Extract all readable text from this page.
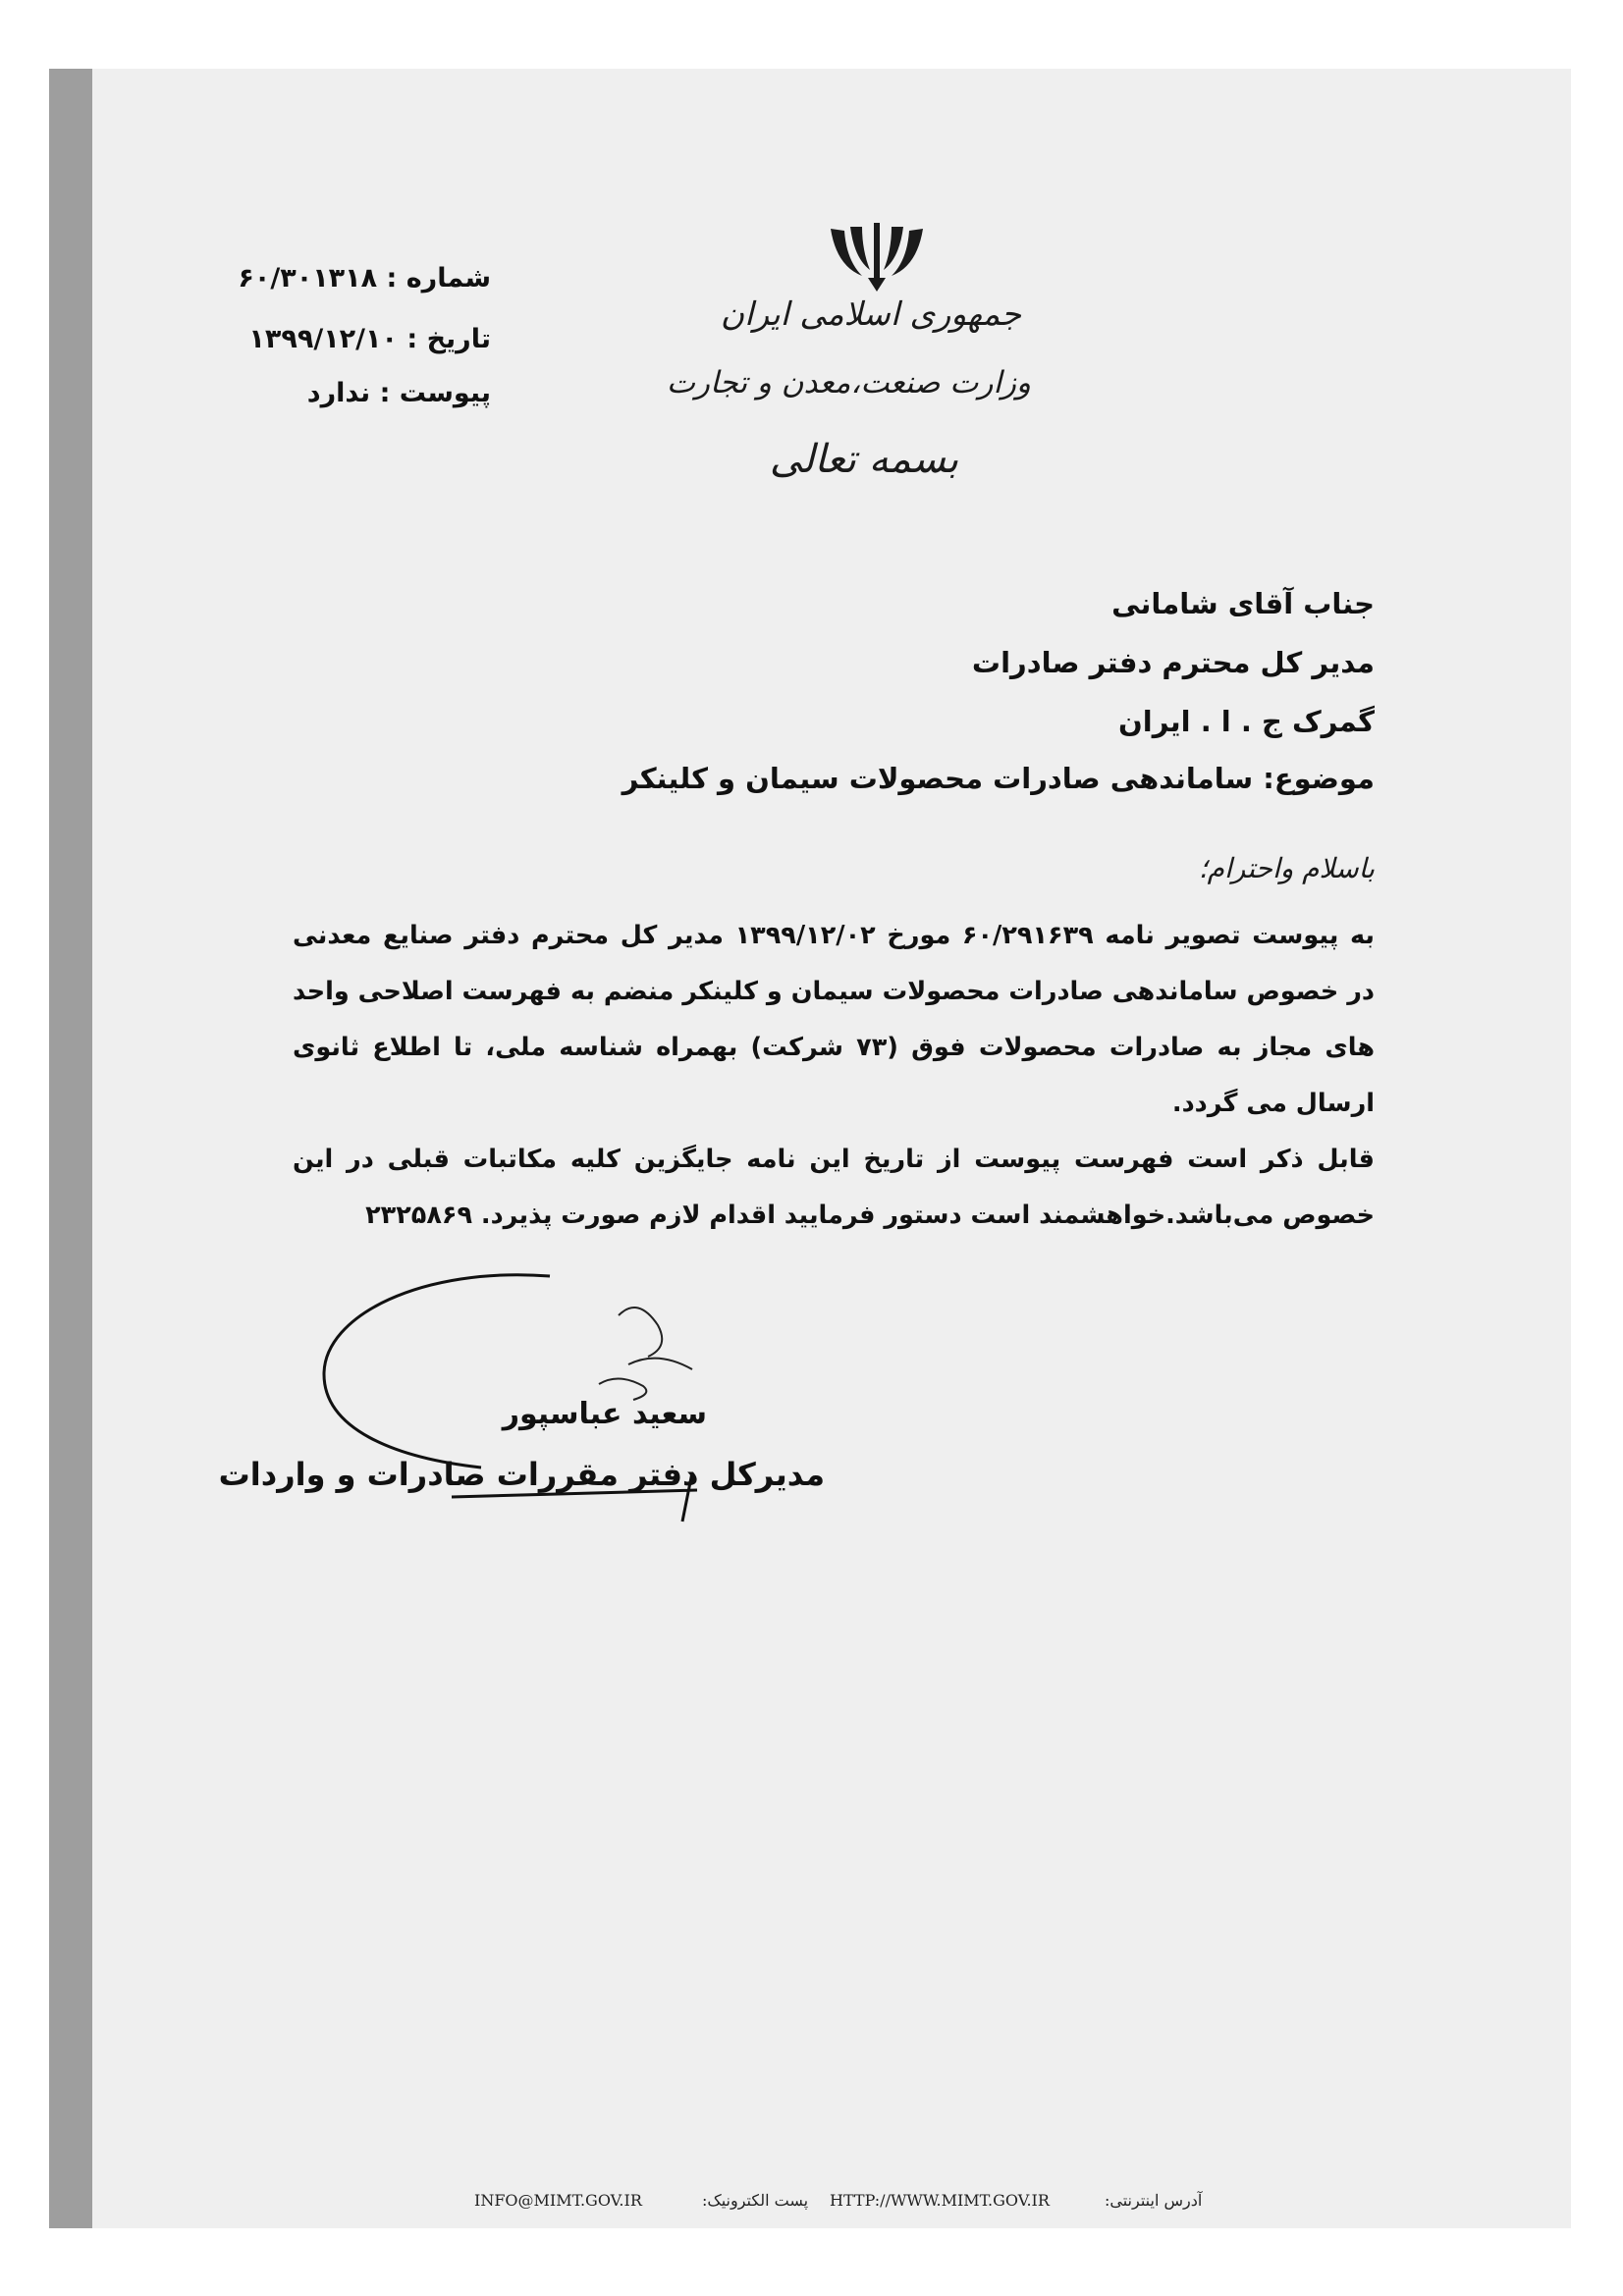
جمهوری اسلامی ایران
وزارت صنعت،معدن و تجارت
بسمه تعالی
شماره : ۶۰/۳۰۱۳۱۸
تاریخ : ۱۳۹۹/۱۲/۱۰
پیوست : ندارد
جناب آقای شامانی
مدیر کل محترم دفتر صادرات
گمرک ج . ا . ایران
موضوع: ساماندهی صادرات محصولات سیمان و کلینکر
باسلام واحترام؛

به پیوست تصویر نامه ۶۰/۲۹۱۶۳۹ مورخ ۱۳۹۹/۱۲/۰۲ مدیر کل محترم دفتر صنایع معدنی در خصوص ساماندهی صادرات محصولات سیمان و کلینکر منضم به فهرست اصلاحی واحد های مجاز به صادرات محصولات فوق (۷۳ شرکت) بهمراه شناسه ملی، تا اطلاع ثانوی ارسال می گردد.

قابل ذکر است فهرست پیوست از تاریخ این نامه جایگزین کلیه مکاتبات قبلی در این خصوص می‌باشد.خواهشمند است دستور فرمایید اقدام لازم صورت پذیرد. ۲۳۲۵۸۶۹

سعید عباسپور
مدیرکل دفتر مقررات صادرات و واردات
آدرس اینترنتی:
HTTP://WWW.MIMT.GOV.IR
پست الکترونیک:
INFO@MIMT.GOV.IR
